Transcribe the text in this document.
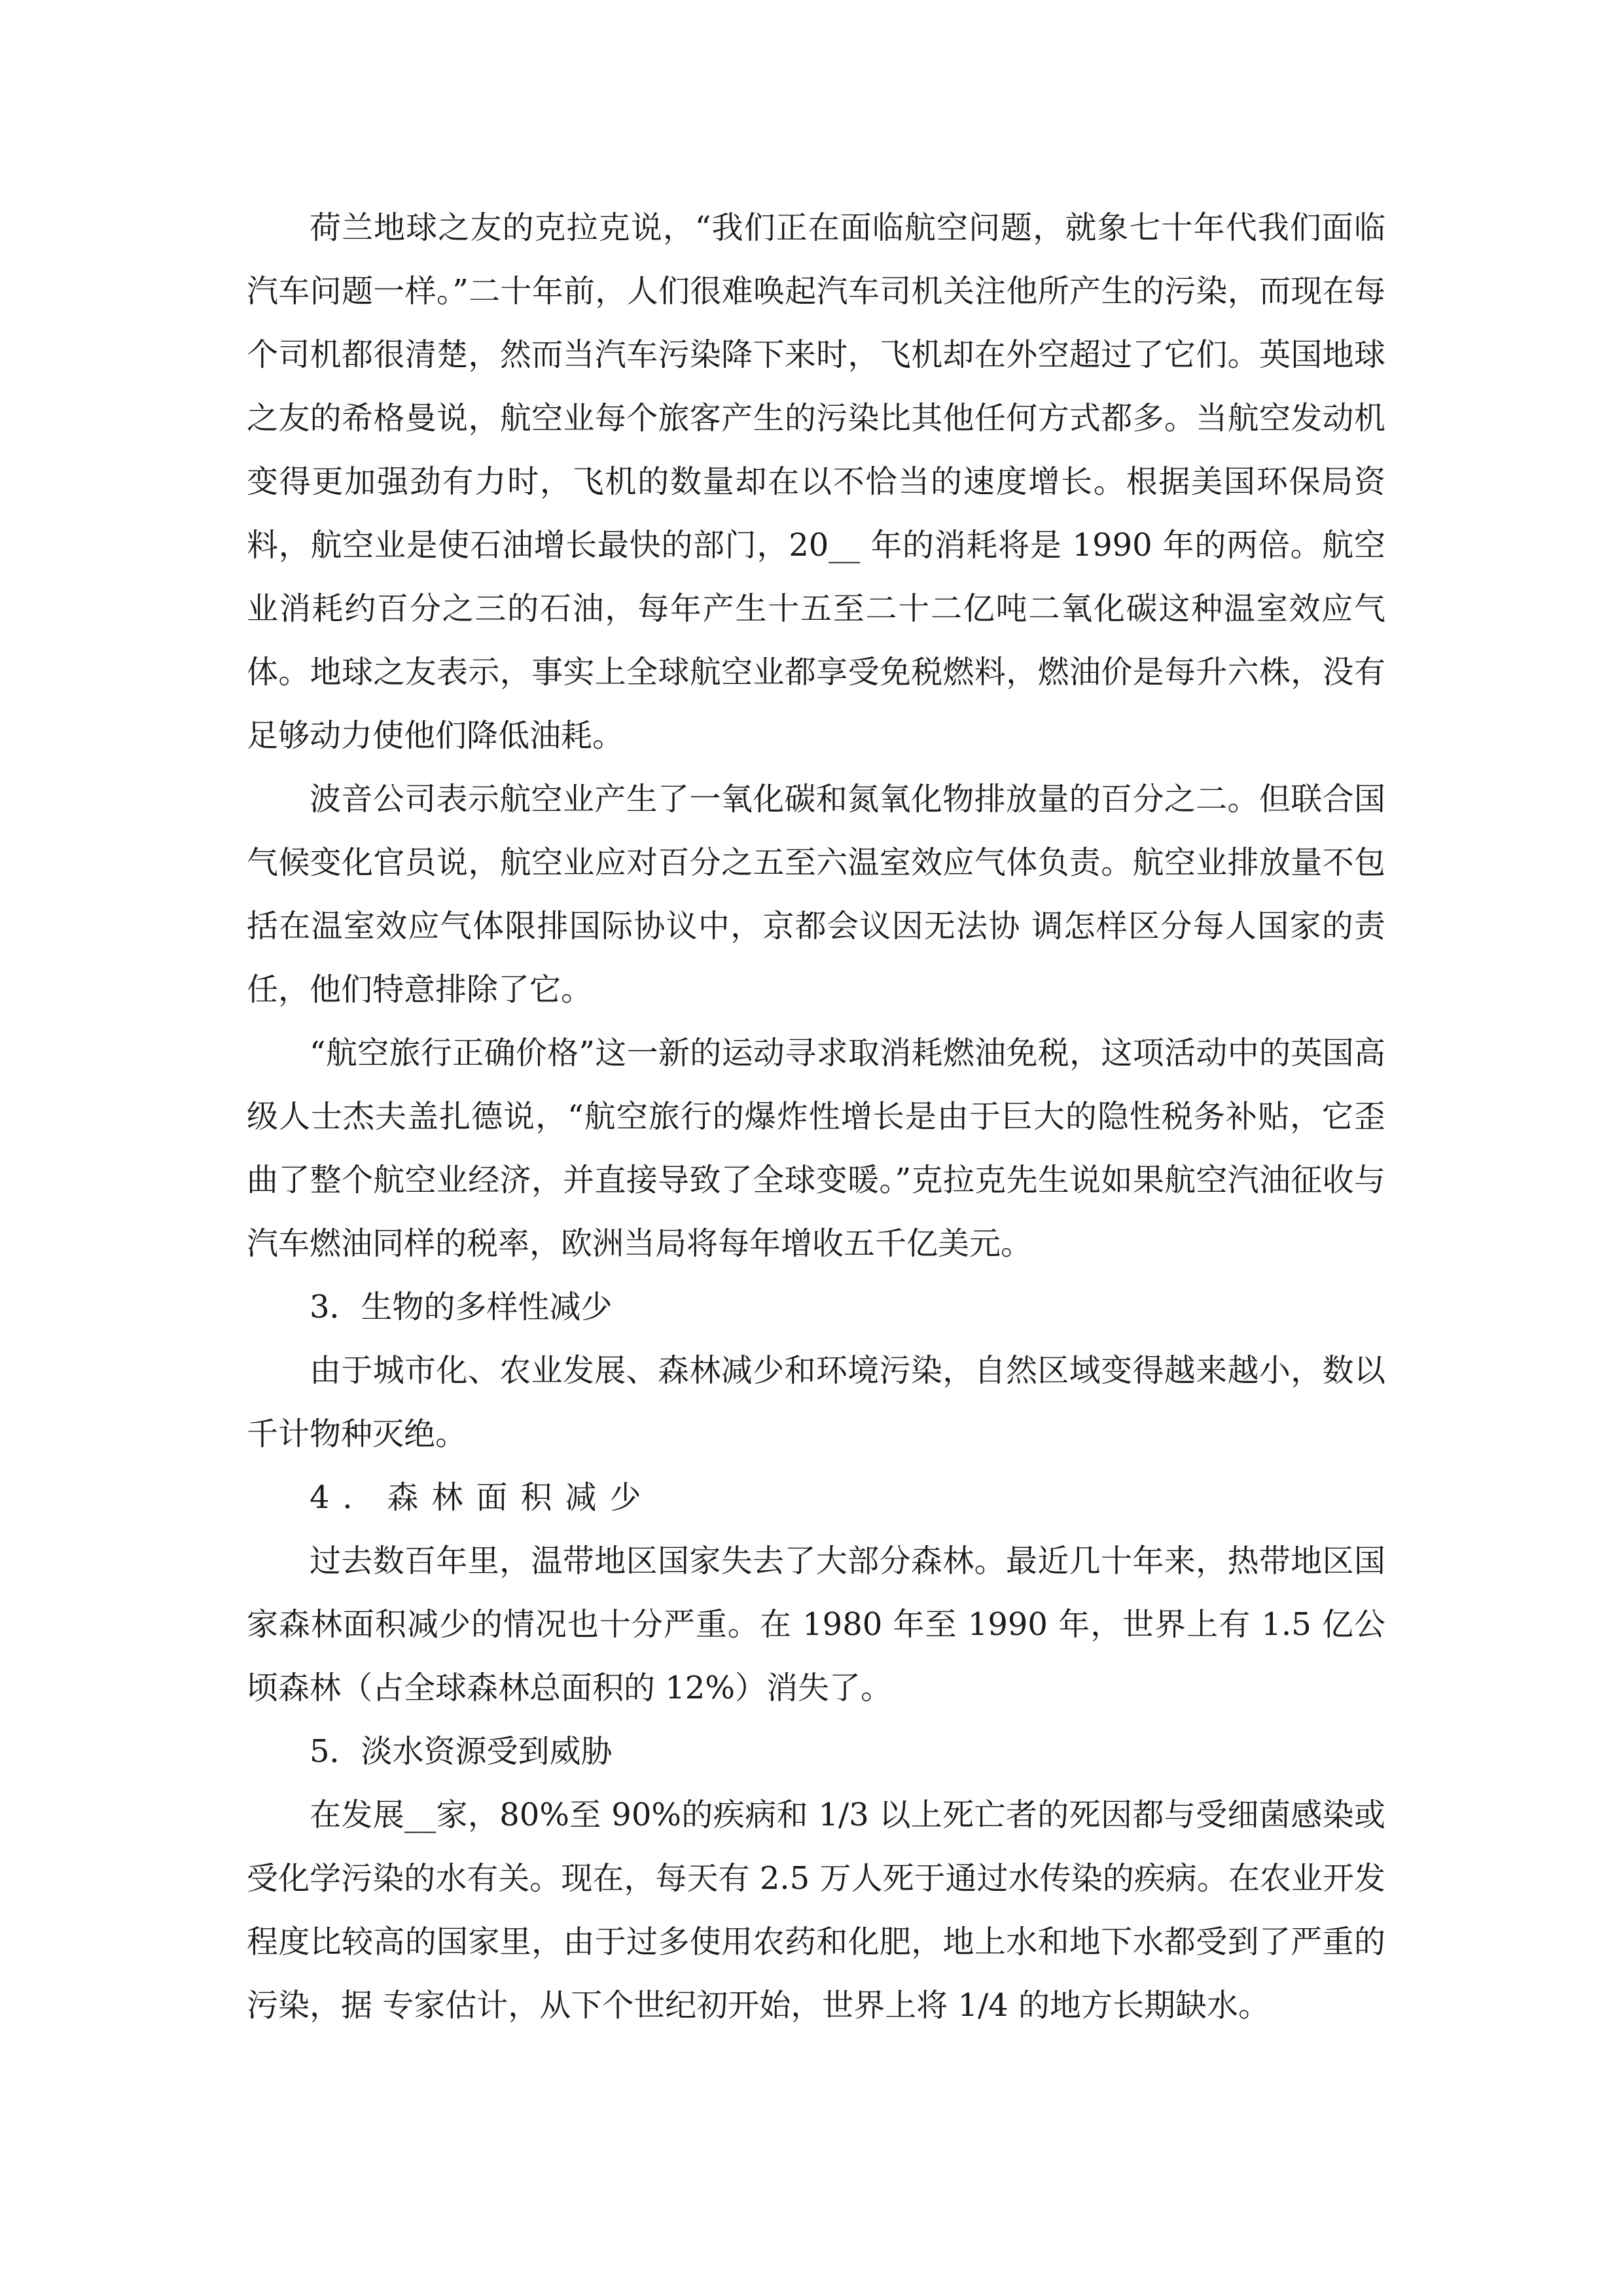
荷兰地球之友的克拉克说，“我们正在面临航空问题，就象七十年代我们面临汽车问题一样。”二十年前，人们很难唤起汽车司机关注他所产生的污染，而现在每个司机都很清楚，然而当汽车污染降下来时，飞机却在外空超过了它们。英国地球之友的希格曼说，航空业每个旅客产生的污染比其他任何方式都多。当航空发动机变得更加强劲有力时，飞机的数量却在以不恰当的速度增长。根据美国环保局资料，航空业是使石油增长最快的部门，20__ 年的消耗将是 1990 年的两倍。航空业消耗约百分之三的石油，每年产生十五至二十二亿吨二氧化碳这种温室效应气体。地球之友表示，事实上全球航空业都享受免税燃料，燃油价是每升六株，没有足够动力使他们降低油耗。

波音公司表示航空业产生了一氧化碳和氮氧化物排放量的百分之二。但联合国气候变化官员说，航空业应对百分之五至六温室效应气体负责。航空业排放量不包括在温室效应气体限排国际协议中，京都会议因无法协 调怎样区分每人国家的责任，他们特意排除了它。

“航空旅行正确价格”这一新的运动寻求取消耗燃油免税，这项活动中的英国高级人士杰夫盖扎德说，“航空旅行的爆炸性增长是由于巨大的隐性税务补贴，它歪曲了整个航空业经济，并直接导致了全球变暖。”克拉克先生说如果航空汽油征收与汽车燃油同样的税率，欧洲当局将每年增收五千亿美元。

3．生物的多样性减少

由于城市化、农业发展、森林减少和环境污染，自然区域变得越来越小，数以千计物种灭绝。

4．森林面积减少

过去数百年里，温带地区国家失去了大部分森林。最近几十年来，热带地区国家森林面积减少的情况也十分严重。在 1980 年至 1990 年，世界上有 1.5 亿公顷森林（占全球森林总面积的 12%）消失了。

5．淡水资源受到威胁

在发展__家，80%至 90%的疾病和 1/3 以上死亡者的死因都与受细菌感染或受化学污染的水有关。现在，每天有 2.5 万人死于通过水传染的疾病。在农业开发程度比较高的国家里，由于过多使用农药和化肥，地上水和地下水都受到了严重的污染，据 专家估计，从下个世纪初开始，世界上将 1/4 的地方长期缺水。
